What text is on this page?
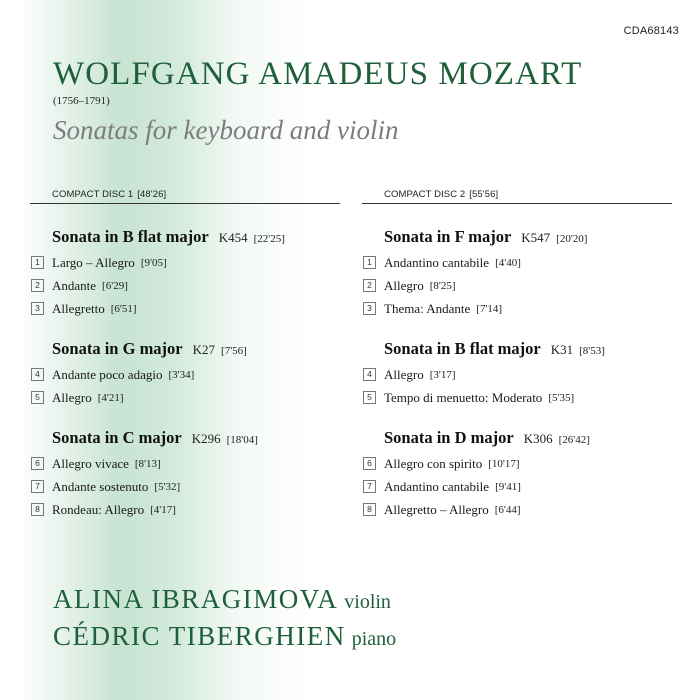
CDA68143
WOLFGANG AMADEUS MOZART
(1756–1791)
Sonatas for keyboard and violin
COMPACT DISC 1 [48'26]
Sonata in B flat major K454 [22'25]
1 Largo – Allegro [9'05]
2 Andante [6'29]
3 Allegretto [6'51]
Sonata in G major K27 [7'56]
4 Andante poco adagio [3'34]
5 Allegro [4'21]
Sonata in C major K296 [18'04]
6 Allegro vivace [8'13]
7 Andante sostenuto [5'32]
8 Rondeau: Allegro [4'17]
COMPACT DISC 2 [55'56]
Sonata in F major K547 [20'20]
1 Andantino cantabile [4'40]
2 Allegro [8'25]
3 Thema: Andante [7'14]
Sonata in B flat major K31 [8'53]
4 Allegro [3'17]
5 Tempo di menuetto: Moderato [5'35]
Sonata in D major K306 [26'42]
6 Allegro con spirito [10'17]
7 Andantino cantabile [9'41]
8 Allegretto – Allegro [6'44]
ALINA IBRAGIMOVA violin
CÉDRIC TIBERGHIEN piano
